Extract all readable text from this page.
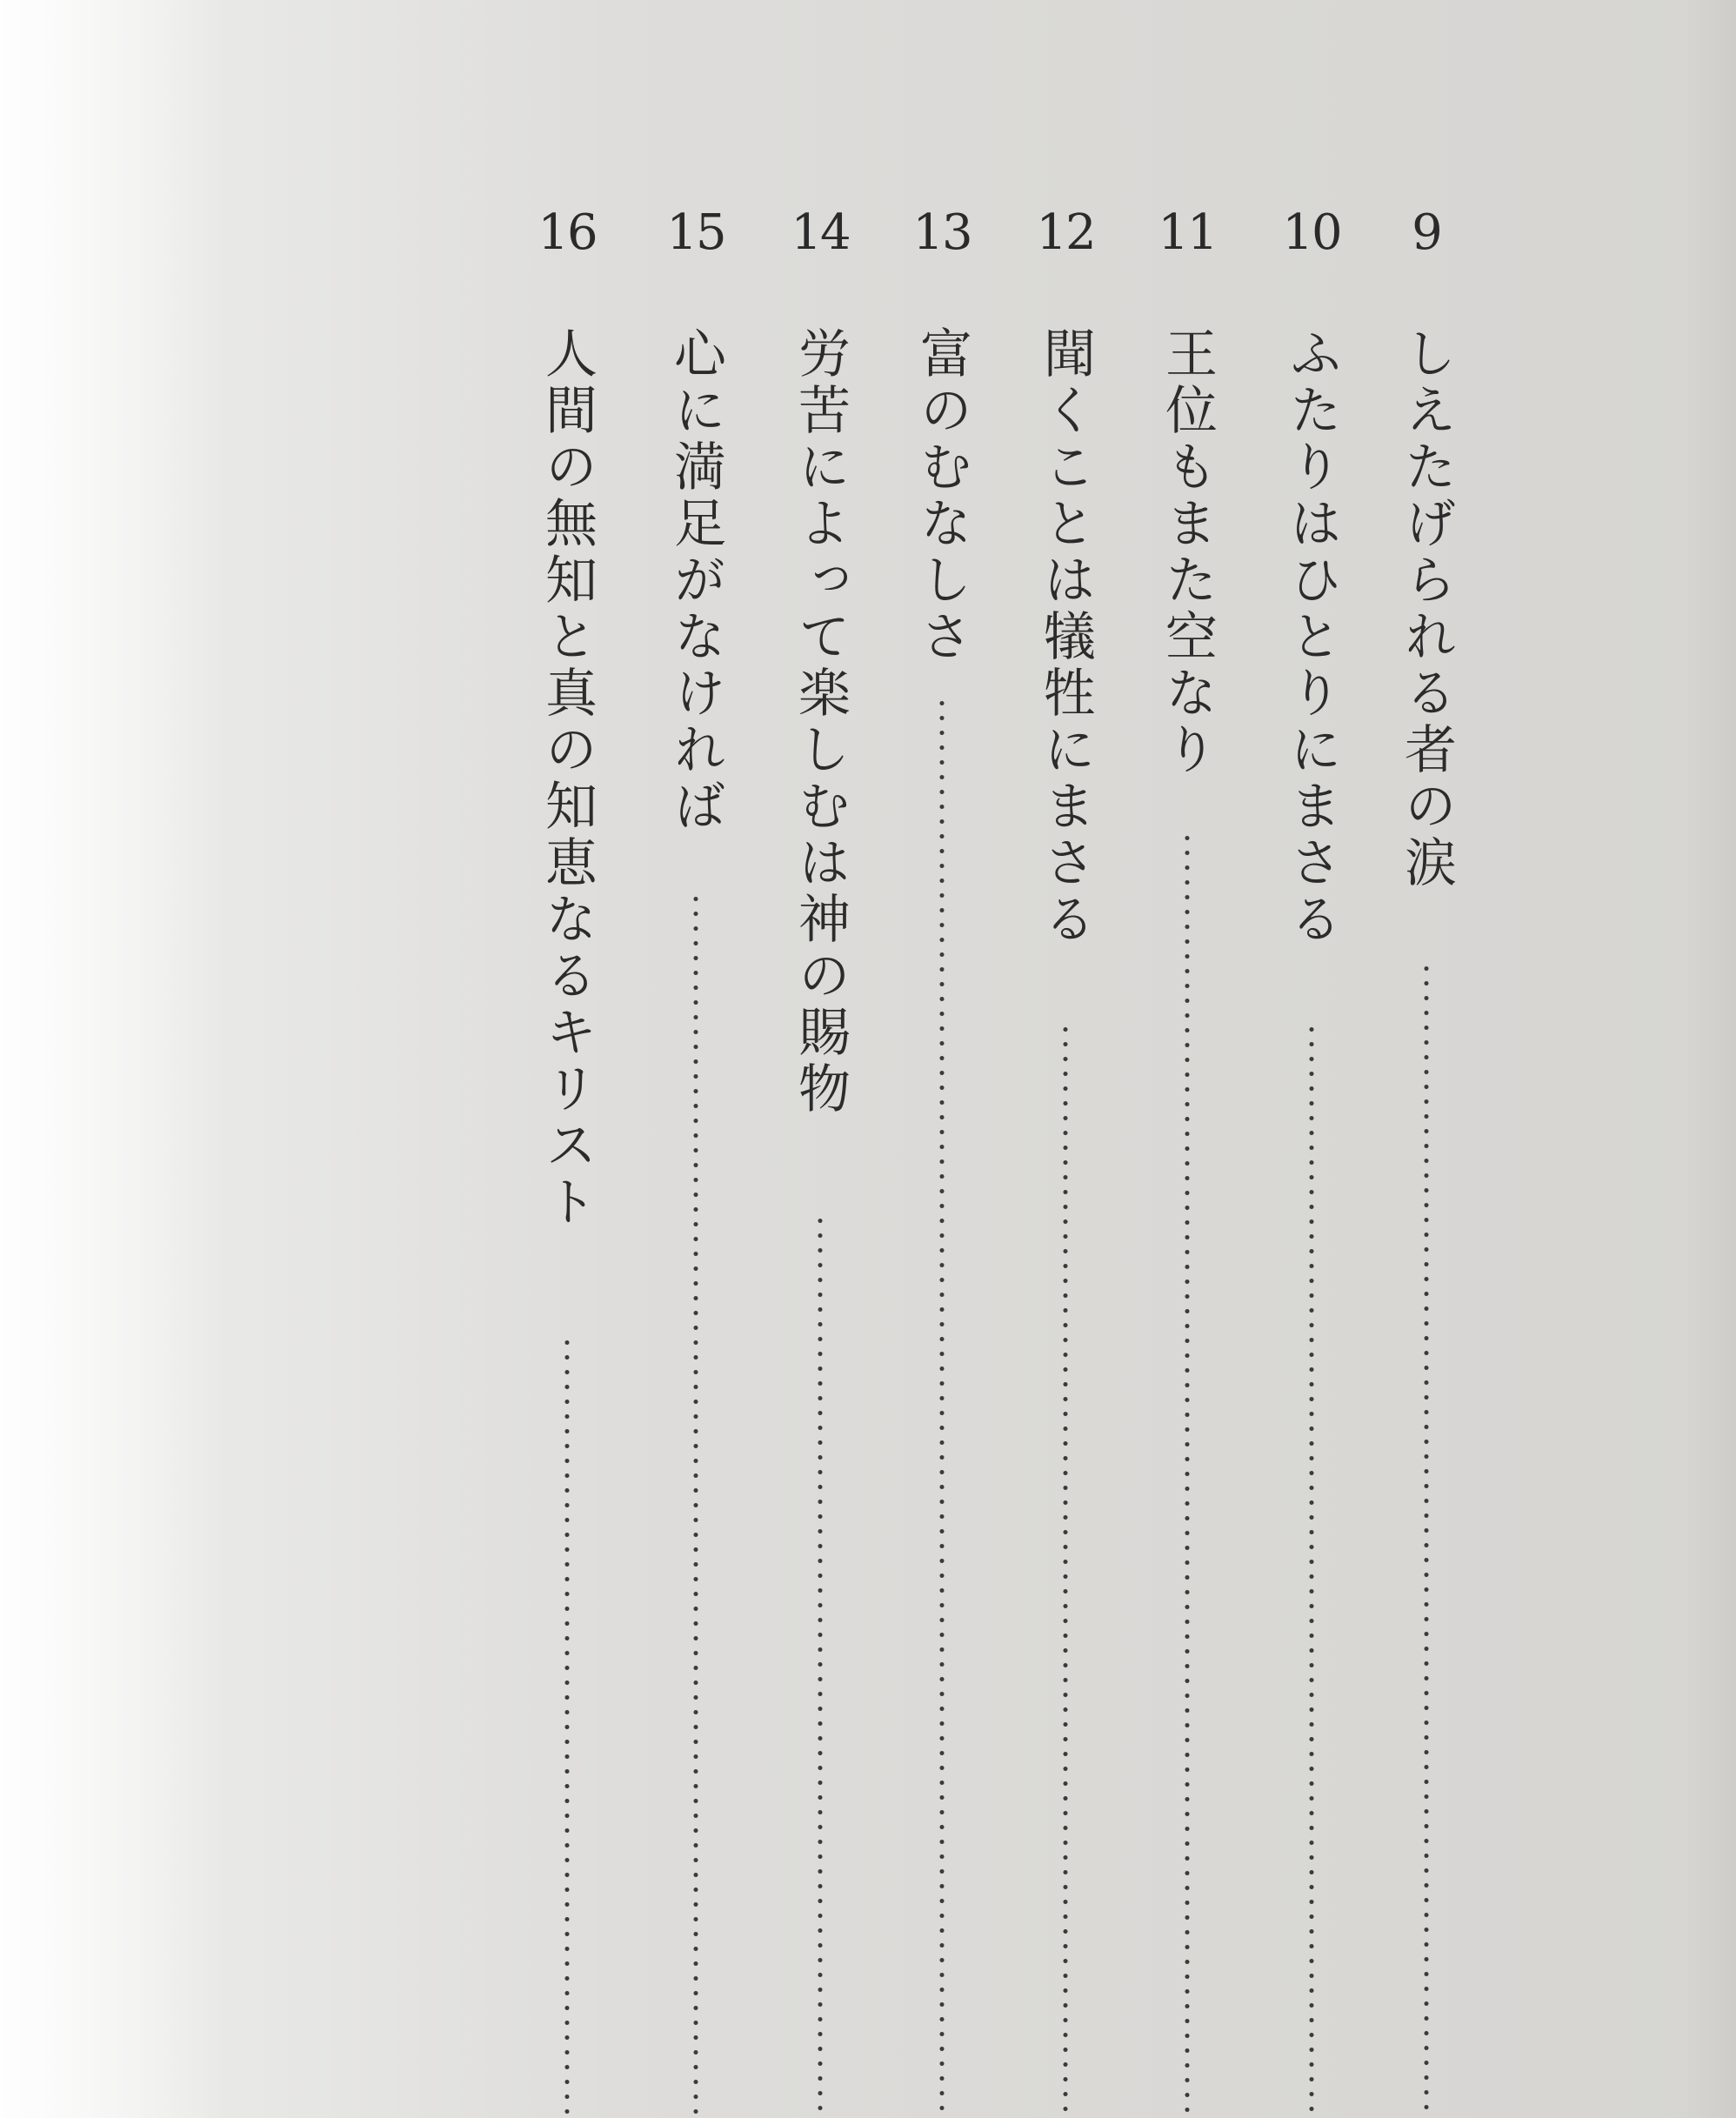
9
しえたげられる者の涙
10
ふたりはひとりにまさる
11
王位もまた空なり
12
聞くことは犠牲にまさる
13
富のむなしさ
14
労苦によって楽しむは神の賜物
15
心に満足がなければ
16
人間の無知と真の知恵なるキリスト
